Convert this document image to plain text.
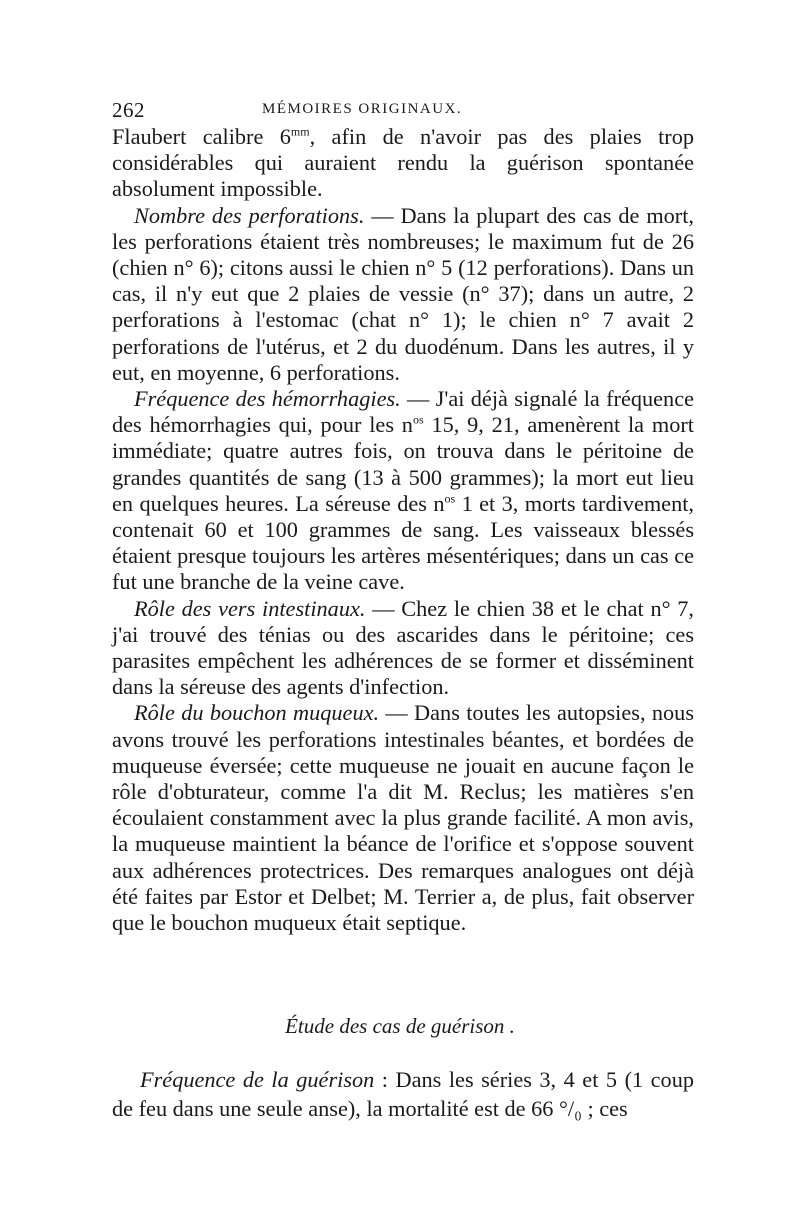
262	MÉMOIRES ORIGINAUX.

Flaubert calibre $6^{mm}$, afin de n'avoir pas des plaies trop considérables qui auraient rendu la guérison spontanée absolument impossible.

Nombre des perforations. — Dans la plupart des cas de mort, les perforations étaient très nombreuses; le maximum fut de 26 (chien n° 6); citons aussi le chien n° 5 (12 perforations). Dans un cas, il n'y eut que 2 plaies de vessie (n° 37); dans un autre, 2 perforations à l'estomac (chat n° 1); le chien n° 7 avait 2 perforations de l'utérus, et 2 du duodénum. Dans les autres, il y eut, en moyenne, 6 perforations.

Fréquence des hémorrhagies. — J'ai déjà signalé la fréquence des hémorrhagies qui, pour les $n^{os}$ 15, 9, 21, amenèrent la mort immédiate; quatre autres fois, on trouva dans le péritoine de grandes quantités de sang (13 à 500 grammes); la mort eut lieu en quelques heures. La séreuse des $n^{os}$ 1 et 3, morts tardivement, contenait 60 et 100 grammes de sang. Les vaisseaux blessés étaient presque toujours les artères mésentériques; dans un cas ce fut une branche de la veine cave.

Rôle des vers intestinaux. — Chez le chien 38 et le chat n° 7, j'ai trouvé des ténias ou des ascarides dans le péritoine; ces parasites empêchent les adhérences de se former et disséminent dans la séreuse des agents d'infection.

Rôle du bouchon muqueux. — Dans toutes les autopsies, nous avons trouvé les perforations intestinales béantes, et bordées de muqueuse éversée; cette muqueuse ne jouait en aucune façon le rôle d'obturateur, comme l'a dit M. Reclus; les matières s'en écoulaient constamment avec la plus grande facilité. A mon avis, la muqueuse maintient la béance de l'orifice et s'oppose souvent aux adhérences protectrices. Des remarques analogues ont déjà été faites par Estor et Delbet; M. Terrier a, de plus, fait observer que le bouchon muqueux était septique.

Étude des cas de guérison .

Fréquence de la guérison : Dans les séries 3, 4 et 5 (1 coup de feu dans une seule anse), la mortalité est de 66 °/₀ ; ces
